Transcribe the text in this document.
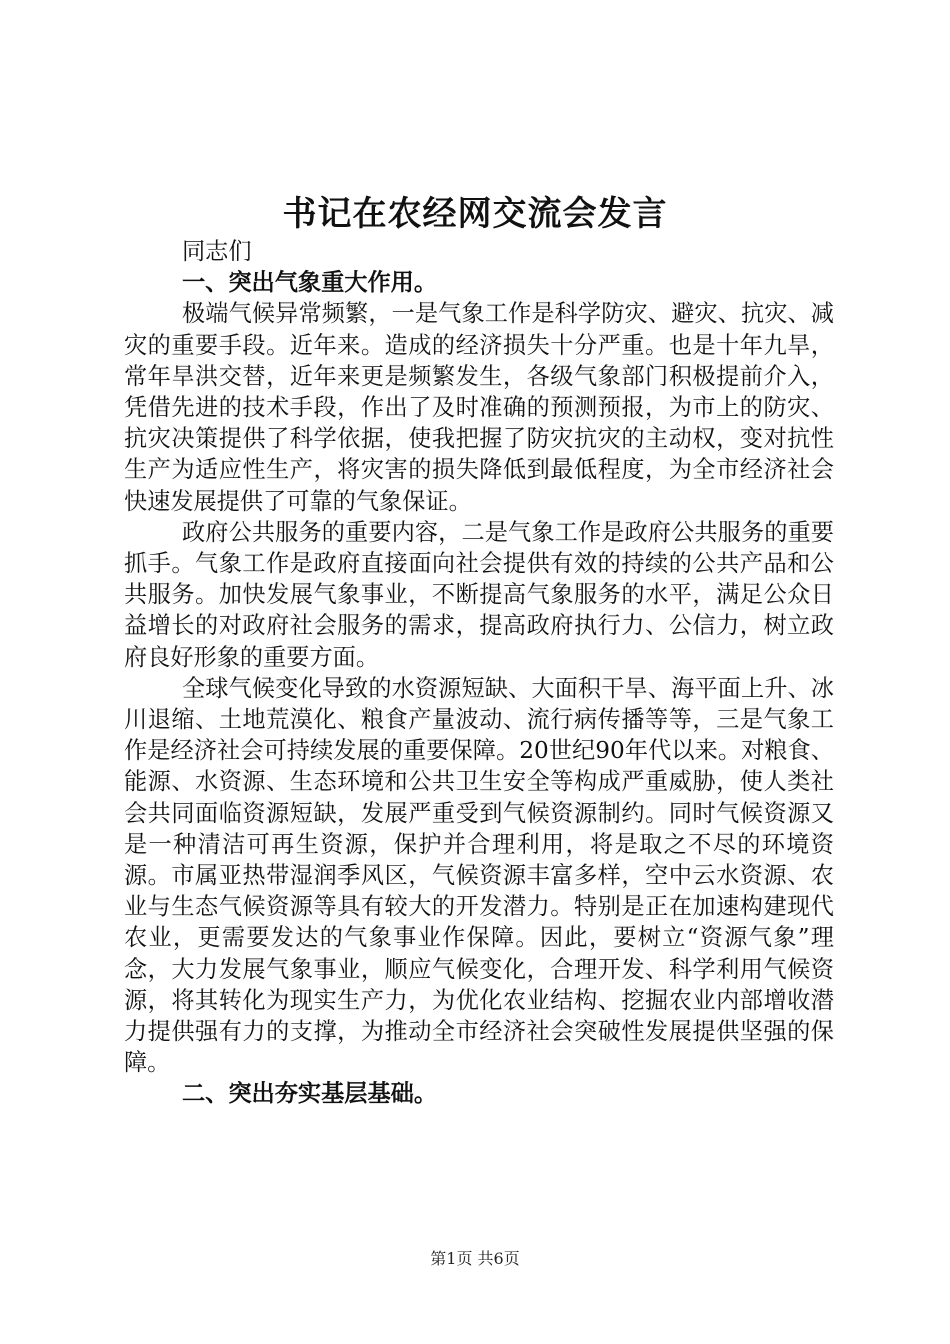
书记在农经网交流会发言

同志们

一、突出气象重大作用。

极端气候异常频繁，一是气象工作是科学防灾、避灾、抗灾、减灾的重要手段。近年来。造成的经济损失十分严重。也是十年九旱，常年旱洪交替，近年来更是频繁发生，各级气象部门积极提前介入，凭借先进的技术手段，作出了及时准确的预测预报，为市上的防灾、抗灾决策提供了科学依据，使我把握了防灾抗灾的主动权，变对抗性生产为适应性生产，将灾害的损失降低到最低程度，为全市经济社会快速发展提供了可靠的气象保证。

政府公共服务的重要内容，二是气象工作是政府公共服务的重要抓手。气象工作是政府直接面向社会提供有效的持续的公共产品和公共服务。加快发展气象事业，不断提高气象服务的水平，满足公众日益增长的对政府社会服务的需求，提高政府执行力、公信力，树立政府良好形象的重要方面。

全球气候变化导致的水资源短缺、大面积干旱、海平面上升、冰川退缩、土地荒漠化、粮食产量波动、流行病传播等等，三是气象工作是经济社会可持续发展的重要保障。20世纪90年代以来。对粮食、能源、水资源、生态环境和公共卫生安全等构成严重威胁，使人类社会共同面临资源短缺，发展严重受到气候资源制约。同时气候资源又是一种清洁可再生资源，保护并合理利用，将是取之不尽的环境资源。市属亚热带湿润季风区，气候资源丰富多样，空中云水资源、农业与生态气候资源等具有较大的开发潜力。特别是正在加速构建现代农业，更需要发达的气象事业作保障。因此，要树立“资源气象”理念，大力发展气象事业，顺应气候变化，合理开发、科学利用气候资源，将其转化为现实生产力，为优化农业结构、挖掘农业内部增收潜力提供强有力的支撑，为推动全市经济社会突破性发展提供坚强的保障。

二、突出夯实基层基础。

第1页 共6页
